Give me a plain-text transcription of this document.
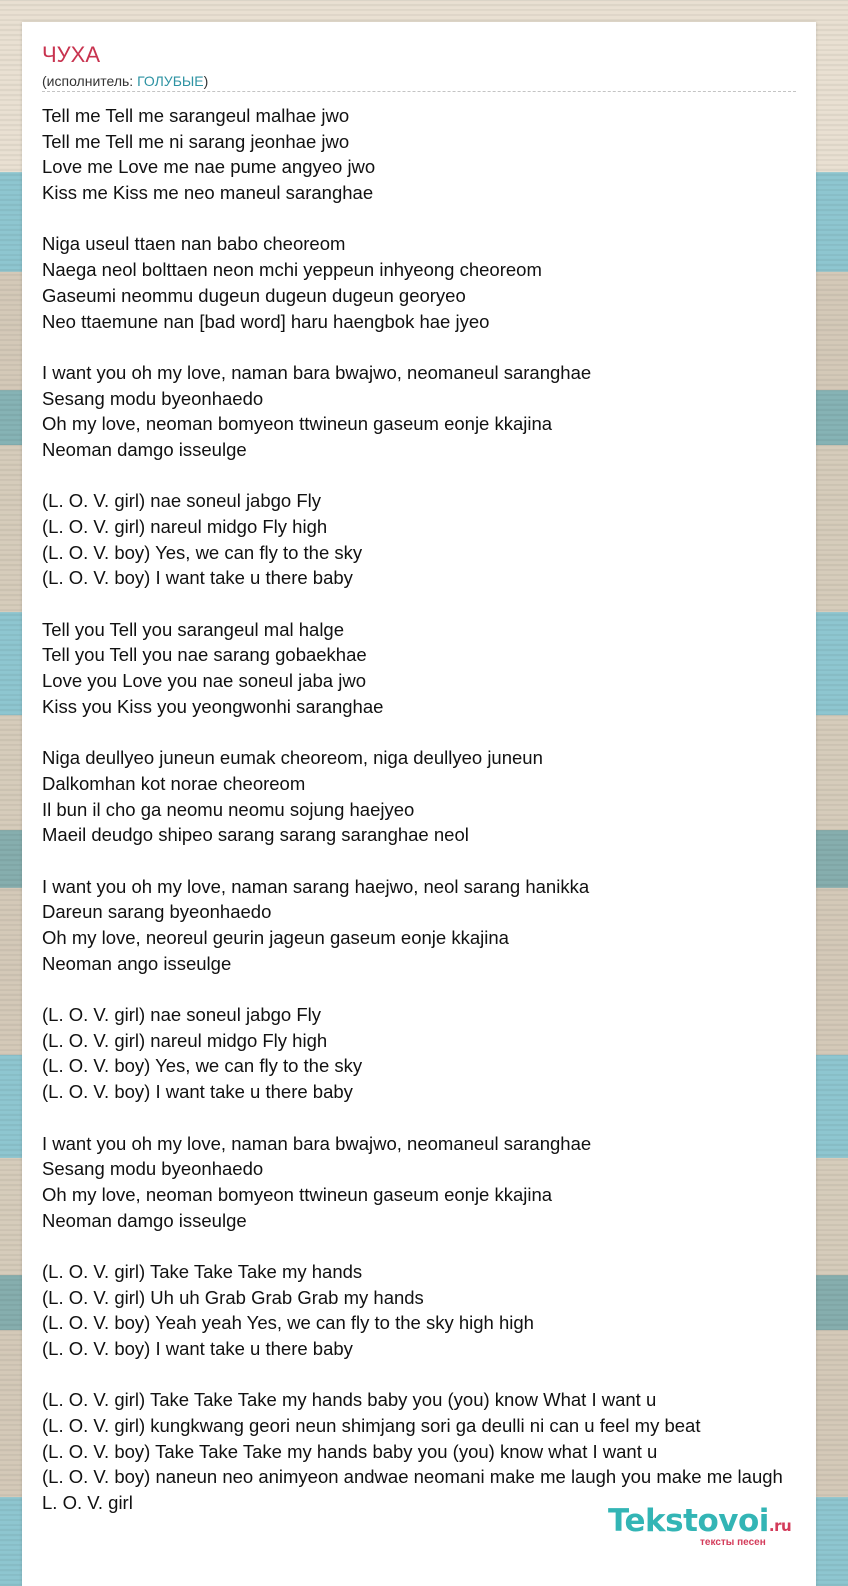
ЧУХА
(исполнитель: ГОЛУБЫЕ)
Tell me Tell me sarangeul malhae jwo
Tell me Tell me ni sarang jeonhae jwo
Love me Love me nae pume angyeo jwo
Kiss me Kiss me neo maneul saranghae
Niga useul ttaen nan babo cheoreom
Naega neol bolttaen neon mchi yeppeun inhyeong cheoreom
Gaseumi neommu dugeun dugeun dugeun georyeo
Neo ttaemune nan [bad word] haru haengbok hae jyeo
I want you oh my love, naman bara bwajwo, neomaneul saranghae
Sesang modu byeonhaedo
Oh my love, neoman bomyeon ttwineun gaseum eonje kkajina
Neoman damgo isseulge
(L. O. V. girl) nae soneul jabgo Fly
(L. O. V. girl) nareul midgo Fly high
(L. O. V. boy) Yes, we can fly to the sky
(L. O. V. boy) I want take u there baby
Tell you Tell you sarangeul mal halge
Tell you Tell you nae sarang gobaekhae
Love you Love you nae soneul jaba jwo
Kiss you Kiss you yeongwonhi saranghae
Niga deullyeo juneun eumak cheoreom, niga deullyeo juneun
Dalkomhan kot norae cheoreom
Il bun il cho ga neomu neomu sojung haejyeo
Maeil deudgo shipeo sarang sarang saranghae neol
I want you oh my love, naman sarang haejwo, neol sarang hanikka
Dareun sarang byeonhaedo
Oh my love, neoreul geurin jageun gaseum eonje kkajina
Neoman ango isseulge
(L. O. V. girl) nae soneul jabgo Fly
(L. O. V. girl) nareul midgo Fly high
(L. O. V. boy) Yes, we can fly to the sky
(L. O. V. boy) I want take u there baby
I want you oh my love, naman bara bwajwo, neomaneul saranghae
Sesang modu byeonhaedo
Oh my love, neoman bomyeon ttwineun gaseum eonje kkajina
Neoman damgo isseulge
(L. O. V. girl) Take Take Take my hands
(L. O. V. girl) Uh uh Grab Grab Grab my hands
(L. O. V. boy) Yeah yeah Yes, we can fly to the sky high high
(L. O. V. boy) I want take u there baby
(L. O. V. girl) Take Take Take my hands baby you (you) know What I want u
(L. O. V. girl) kungkwang geori neun shimjang sori ga deulli ni can u feel my beat
(L. O. V. boy) Take Take Take my hands baby you (you) know what I want u
(L. O. V. boy) naneun neo animyeon andwae neomani make me laugh you make me laugh
L. O. V. girl
Tekstovoi.ru
тексты песен
